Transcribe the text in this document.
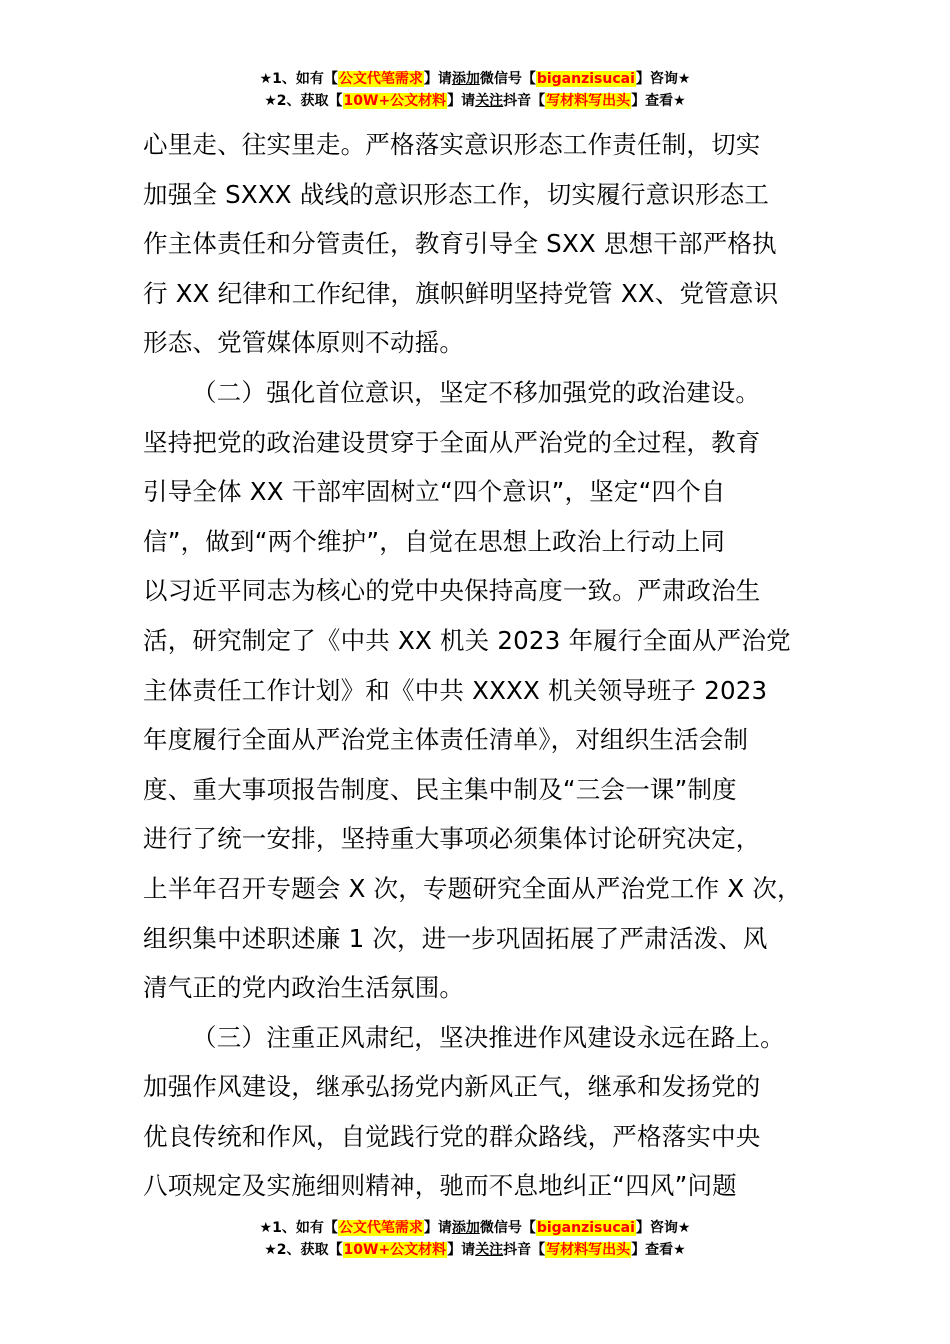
★1、如有【公文代笔需求】请添加微信号【biganzisucai】咨询★
★2、获取【10W+公文材料】请关注抖音【写材料写出头】查看★
心里走、往实里走。严格落实意识形态工作责任制，切实
加强全 SXXX 战线的意识形态工作，切实履行意识形态工
作主体责任和分管责任，教育引导全 SXX 思想干部严格执
行 XX 纪律和工作纪律，旗帜鲜明坚持党管 XX、党管意识
形态、党管媒体原则不动摇。
（二）强化首位意识，坚定不移加强党的政治建设。
坚持把党的政治建设贯穿于全面从严治党的全过程，教育
引导全体 XX 干部牢固树立“四个意识”，坚定“四个自
信”，做到“两个维护”，自觉在思想上政治上行动上同
以习近平同志为核心的党中央保持高度一致。严肃政治生
活，研究制定了《中共 XX 机关 2023 年履行全面从严治党
主体责任工作计划》和《中共 XXXX 机关领导班子 2023
年度履行全面从严治党主体责任清单》，对组织生活会制
度、重大事项报告制度、民主集中制及“三会一课”制度
进行了统一安排，坚持重大事项必须集体讨论研究决定，
上半年召开专题会 X 次，专题研究全面从严治党工作 X 次，
组织集中述职述廉 1 次，进一步巩固拓展了严肃活泼、风
清气正的党内政治生活氛围。
（三）注重正风肃纪，坚决推进作风建设永远在路上。
加强作风建设，继承弘扬党内新风正气，继承和发扬党的
优良传统和作风，自觉践行党的群众路线，严格落实中央
八项规定及实施细则精神，驰而不息地纠正“四风”问题
★1、如有【公文代笔需求】请添加微信号【biganzisucai】咨询★
★2、获取【10W+公文材料】请关注抖音【写材料写出头】查看★
